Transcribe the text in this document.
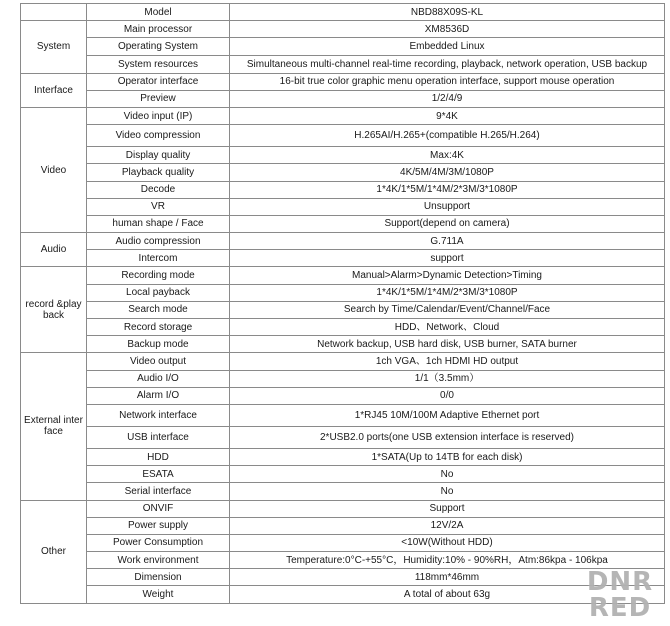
	Model	NBD88X09S-KL
System	Main processor	XM8536D
	Operating System	Embedded Linux
	System resources	Simultaneous multi-channel real-time recording, playback, network operation, USB backup
Interface	Operator interface	16-bit true color graphic menu operation interface, support mouse operation
	Preview	1/2/4/9
Video	Video input (IP)	9*4K
	Video compression	H.265AI/H.265+(compatible H.265/H.264)
	Display quality	Max:4K
	Playback quality	4K/5M/4M/3M/1080P
	Decode	1*4K/1*5M/1*4M/2*3M/3*1080P
	VR	Unsupport
	human shape / Face	Support(depend on camera)
Audio	Audio compression	G.711A
	Intercom	support
record &play back	Recording mode	Manual>Alarm>Dynamic Detection>Timing
	Local payback	1*4K/1*5M/1*4M/2*3M/3*1080P
	Search mode	Search by Time/Calendar/Event/Channel/Face
	Record storage	HDD、Network、Cloud
	Backup mode	Network backup, USB hard disk, USB burner, SATA burner
External interface	Video output	1ch VGA、1ch HDMI HD output
	Audio I/O	1/1（3.5mm）
	Alarm I/O	0/0
	Network interface	1*RJ45 10M/100M Adaptive Ethernet port
	USB interface	2*USB2.0 ports(one USB extension interface is reserved)
	HDD	1*SATA(Up to 14TB for each disk)
	ESATA	No
	Serial interface	No
Other	ONVIF	Support
	Power supply	12V/2A
	Power Consumption	<10W(Without HDD)
	Work environment	Temperature:0°C-+55°C，Humidity:10% - 90%RH，Atm:86kpa - 106kpa
	Dimension	118mm*46mm
	Weight	A total of about 63g	DNR RED
